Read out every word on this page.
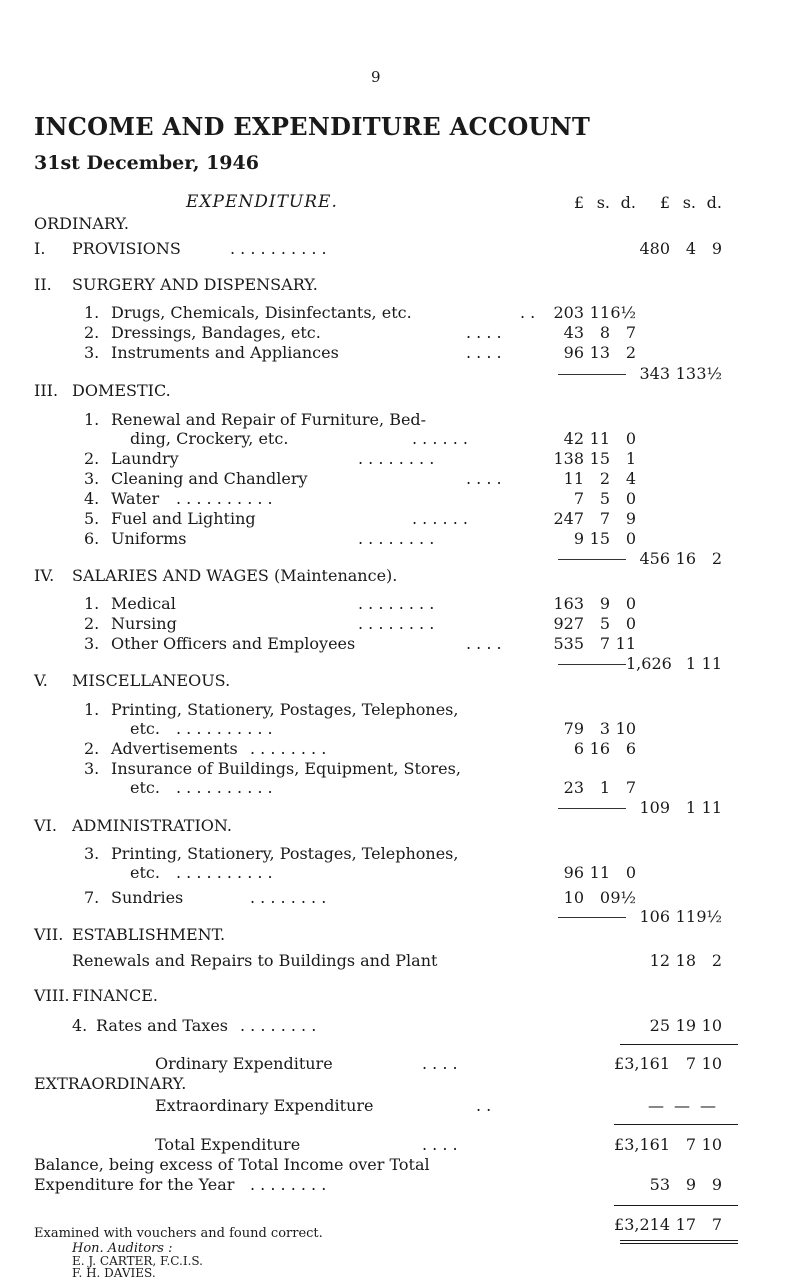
9
INCOME AND EXPENDITURE ACCOUNT
31st December, 1946
EXPENDITURE.	£ s. d.	£ s. d.
ORDINARY.
I. PROVISIONS	. . . . . . . . . .	480 4 9
II. SURGERY AND DISPENSARY.
1. Drugs, Chemicals, Disinfectants, etc.	. .	203 11 6½
2. Dressings, Bandages, etc.	. . . .	43 8 7
3. Instruments and Appliances	. . . .	96 13 2
343 13 3½
III. DOMESTIC.
1. Renewal and Repair of Furniture, Bed-
ding, Crockery, etc.	. . . . . .	42 11 0
2. Laundry	. . . . . . . .	138 15 1
3. Cleaning and Chandlery	. . . .	11 2 4
4. Water . . . . . . . . . .	7 5 0
5. Fuel and Lighting	. . . . . .	247 7 9
6. Uniforms	. . . . . . . .	9 15 0
456 16 2
IV. SALARIES AND WAGES (Maintenance).
1. Medical	. . . . . . . .	163 9 0
2. Nursing	. . . . . . . .	927 5 0
3. Other Officers and Employees	. . . .	535 7 11
1,626 1 11
V. MISCELLANEOUS.
1. Printing, Stationery, Postages, Telephones,
etc. . . . . . . . . . .	79 3 10
2. Advertisements . . . . . . . .	6 16 6
3. Insurance of Buildings, Equipment, Stores,
etc. . . . . . . . . . .	23 1 7
109 1 11
VI. ADMINISTRATION.
3. Printing, Stationery, Postages, Telephones,
etc. . . . . . . . . . .	96 11 0
7. Sundries	. . . . . . . .	10 0 9½
106 11 9½
VII. ESTABLISHMENT.
Renewals and Repairs to Buildings and Plant	12 18 2
VIII. FINANCE.
4. Rates and Taxes . . . . . . . .	25 19 10
Ordinary Expenditure	. . . .	£3,161 7 10
EXTRAORDINARY.
Extraordinary Expenditure	. .	— — —
Total Expenditure	. . . .	£3,161 7 10
Balance, being excess of Total Income over Total
Expenditure for the Year . . . . . . . .	53 9 9
£3,214 17 7
Examined with vouchers and found correct.
Hon. Auditors :
E. J. CARTER, F.C.I.S.
F. H. DAVIES.
